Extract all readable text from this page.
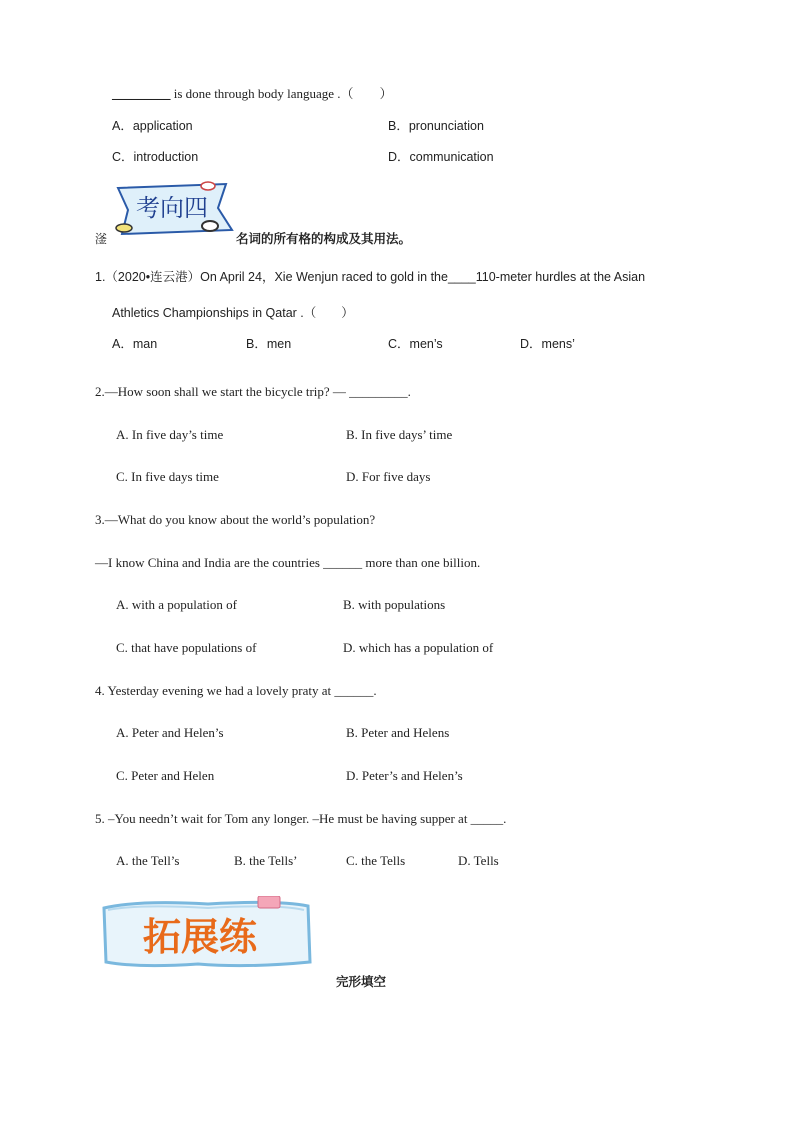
_________ is done through body language .（　　）
A．application	B．pronunciation
C．introduction	D．communication
滏
考向四
名词的所有格的构成及其用法。
1.（2020•连云港）On April 24，Xie Wenjun raced to gold in the____110-meter hurdles at the Asian
Athletics Championships in Qatar .（　　）
A．man	B．men	C．men’s	D．mens’
2.—How soon shall we start the bicycle trip? — _________.
A. In five day’s time	B. In five days’ time
C. In five days time	D. For five days
3.—What do you know about the world’s population?
—I know China and India are the countries ______ more than one billion.
A. with a population of	B. with populations
C. that have populations of	D. which has a population of
4. Yesterday evening we had a lovely praty at ______.
A. Peter and Helen’s	B. Peter and Helens
C. Peter and Helen	D. Peter’s and Helen’s
5. –You needn’t wait for Tom any longer. –He must be having supper at _____.
A. the Tell’s	B. the Tells’	C. the Tells	D. Tells
拓展练
完形填空
